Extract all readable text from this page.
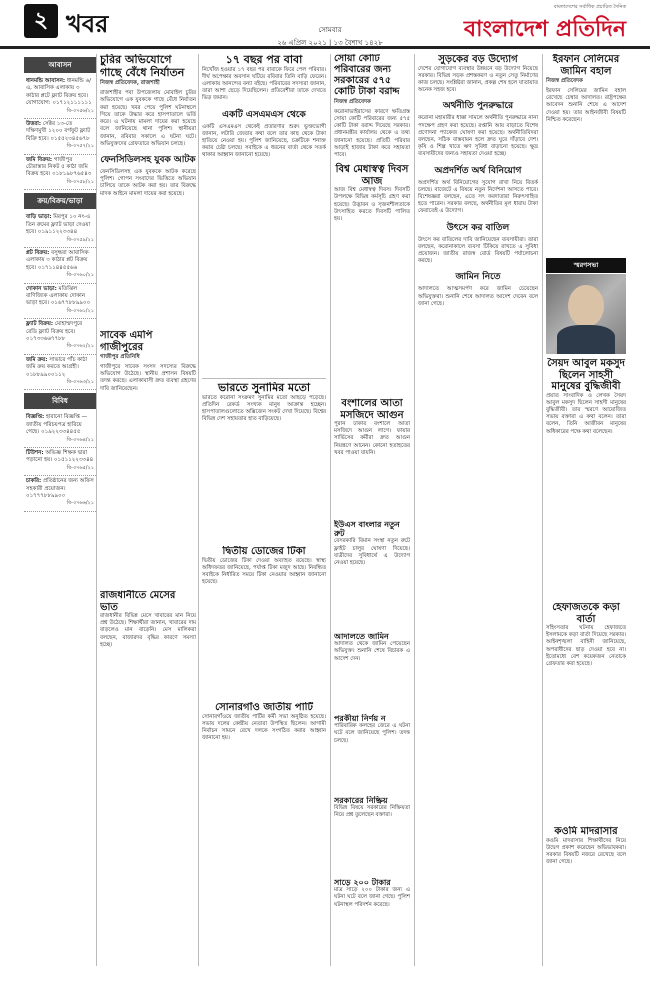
২ খবর	সোমবার
২৬ এপ্রিল ২০২১ | ১৩ বৈশাখ ১৪২৮
বাংলাদেশের সর্বাধিক প্রচারিত দৈনিক
বাংলাদেশ প্রতিদিন
আবাসন
ধানমন্ডি আবাসন: ধানমন্ডি ৬/এ, আবাসিক এলাকায় ৩ কাঠার প্লটে ফ্ল্যাট বিক্রয় হবে। যোগাযোগ: ০১৭১২১১১১১১
বি-৩৭৫৬/২১
উত্তরা: সেক্টর ১৩-তে দক্ষিণমুখী ১২০০ বর্গফুট ফ্ল্যাট বিক্রি হবে। ০১৫৫২৩৪৫৬৭৮
বি-৩৭৫৭/২১
জমি বিক্রয়: গাজীপুর চৌরাস্তার নিকট ৫ কাঠা জমি বিক্রয় হবে। ০১৮১৯৮৭৬৫৪৩
বি-৩৭৫৮/২১
ক্রয়/বিক্রয়/ভাড়া
বাড়ি ভাড়া: মিরপুর ১০ নং-এ তিন রুমের ফ্ল্যাট ভাড়া দেওয়া হবে। ০১৯১১২২৩৩৪৪
বি-৩৭৫৯/২১
প্লট বিক্রয়: বসুন্ধরা আবাসিক এলাকায় ৩ কাঠার প্লট বিক্রয় হবে। ০১৭১১৪৪৫৫৬৬
বি-৩৭৬০/২১
দোকান ভাড়া: মতিঝিল বাণিজ্যিক এলাকায় দোকান ভাড়া হবে। ০১৬৭৭৮৮৯৯০০
বি-৩৭৬১/২১
ফ্ল্যাট বিক্রয়: মোহাম্মদপুরে রেডি ফ্ল্যাট বিক্রয় হবে। ০১৭৩৩৬৬৭৭৮৮
বি-৩৭৬২/২১
জমি ক্রয়: সাভারে পাঁচ কাঠা জমি ক্রয় করতে আগ্রহী। ০১৮৮৯৯০০১১২
বি-৩৭৬৩/২১
বিবিধ
বিজ্ঞপ্তি: হারানো বিজ্ঞপ্তি — জাতীয় পরিচয়পত্র হারিয়ে গেছে। ০১৯২২৩৩৪৪৫৫
বি-৩৭৬৪/২১
টিউশন: অভিজ্ঞ শিক্ষক দ্বারা পড়ানো হয়। ০১৫১১২২৩৩৪৪
বি-৩৭৬৫/২১
চাকরি: প্রতিষ্ঠানের জন্য অফিস সহকারী প্রয়োজন। ০১৭৭৭৮৮৯৯০০
বি-৩৭৬৬/২১
চুরির অভিযোগে গাছে বেঁধে নির্যাতন
নিজস্ব প্রতিবেদক, রাজশাহী
রাজশাহীর পবা উপজেলায় মোবাইল চুরির অভিযোগে এক যুবককে গাছে বেঁধে নির্যাতন করা হয়েছে। খবর পেয়ে পুলিশ ঘটনাস্থলে গিয়ে তাকে উদ্ধার করে হাসপাতালে ভর্তি করে। এ ঘটনায় মামলা দায়ের করা হয়েছে বলে জানিয়েছে থানা পুলিশ। স্থানীয়রা জানান, রবিবার সকালে এ ঘটনা ঘটে। অভিযুক্তদের গ্রেফতারে অভিযান চলছে।
ফেনসিডিলসহ যুবক আটক
ফেনসিডিলসহ এক যুবককে আটক করেছে পুলিশ। গোপন সংবাদের ভিত্তিতে অভিযান চালিয়ে তাকে আটক করা হয়। তার বিরুদ্ধে মাদক আইনে মামলা দায়ের করা হয়েছে।
সাবেক এমপি গাজীপুরের
গাজীপুর প্রতিনিধি
গাজীপুরে সাবেক সংসদ সদস্যের বিরুদ্ধে অভিযোগ উঠেছে। স্থানীয় প্রশাসন বিষয়টি তদন্ত করছে। এলাকাবাসী দ্রুত ব্যবস্থা গ্রহণের দাবি জানিয়েছেন।
রাজধানীতে মেসের ভাত
রাজধানীর বিভিন্ন মেসে খাবারের মান নিয়ে প্রশ্ন উঠেছে। শিক্ষার্থীরা জানান, খাবারের দাম বাড়লেও মান বাড়েনি। মেস মালিকরা বলছেন, বাজারদর বৃদ্ধির কারণে সমস্যা হচ্ছে।
১৭ বছর পর বাবা
নিখোঁজ হওয়ার ১৭ বছর পর বাবাকে ফিরে পেল পরিবার। দীর্ঘ অপেক্ষার অবসান ঘটিয়ে রবিবার তিনি বাড়ি ফেরেন। এলাকায় আনন্দের বন্যা বইছে। পরিবারের সদস্যরা জানান, তারা আশা ছেড়ে দিয়েছিলেন। প্রতিবেশীরা তাকে দেখতে ভিড় জমান।
একটি এসএমএস থেকে
একটি এসএমএস থেকেই প্রতারণার শুরু। ভুক্তভোগী জানান, লটারি জেতার কথা বলে তার কাছ থেকে টাকা হাতিয়ে নেওয়া হয়। পুলিশ জানিয়েছে, চক্রটিকে শনাক্ত করার চেষ্টা চলছে। সবাইকে এ ধরনের বার্তা থেকে সতর্ক থাকার আহ্বান জানানো হয়েছে।
ভারতে সুনামির মতো
ভারতে করোনা সংক্রমণ সুনামির মতো আছড়ে পড়েছে। প্রতিদিন রেকর্ড সংখ্যক মানুষ আক্রান্ত হচ্ছেন। হাসপাতালগুলোতে অক্সিজেন সংকট দেখা দিয়েছে। বিশ্বের বিভিন্ন দেশ সহায়তার হাত বাড়িয়েছে।
দ্বিতীয় ডোজের টিকা
দ্বিতীয় ডোজের টিকা দেওয়া অব্যাহত রয়েছে। স্বাস্থ্য অধিদফতর জানিয়েছে, পর্যাপ্ত টিকা মজুদ আছে। নিবন্ধিত সবাইকে নির্ধারিত সময়ে টিকা নেওয়ার আহ্বান জানানো হয়েছে।
সোনারগাঁও জাতীয় পার্টি
সোনারগাঁওয়ে জাতীয় পার্টির কর্মী সভা অনুষ্ঠিত হয়েছে। সভায় দলের কেন্দ্রীয় নেতারা উপস্থিত ছিলেন। আগামী নির্বাচন সামনে রেখে দলকে সংগঠিত করার আহ্বান জানানো হয়।
সোয়া কোটি পরিবারের জন্য সরকারের ৫৭৫ কোটি টাকা বরাদ্দ
নিজস্ব প্রতিবেদক
করোনাভাইরাসের কারণে ক্ষতিগ্রস্ত সোয়া কোটি পরিবারের জন্য ৫৭৫ কোটি টাকা বরাদ্দ দিয়েছে সরকার। প্রধানমন্ত্রীর কার্যালয় থেকে এ তথ্য জানানো হয়েছে। প্রতিটি পরিবার আড়াই হাজার টাকা করে সহায়তা পাবে।
বিশ্ব মেধাস্বত্ব দিবস আজ
আজ বিশ্ব মেধাস্বত্ব দিবস। দিবসটি উপলক্ষে বিভিন্ন কর্মসূচি গ্রহণ করা হয়েছে। উদ্ভাবন ও সৃজনশীলতাকে উৎসাহিত করতে দিবসটি পালিত হয়।
বংশালের আতা মসজিদে আগুন
পুরান ঢাকার বংশালে আতা মসজিদে আগুন লাগে। ফায়ার সার্ভিসের কর্মীরা দ্রুত আগুন নিয়ন্ত্রণে আনেন। কোনো হতাহতের খবর পাওয়া যায়নি।
ইউএস বাংলার নতুন রুট
বেসরকারি বিমান সংস্থা নতুন রুটে ফ্লাইট চালুর ঘোষণা দিয়েছে। যাত্রীদের সুবিধার্থে এ উদ্যোগ নেওয়া হয়েছে।
আদালতে জামিন
আদালত থেকে জামিন পেয়েছেন অভিযুক্ত। শুনানি শেষে বিচারক এ আদেশ দেন।
পরকীয়া নির্ণয় ন
পারিবারিক কলহের জেরে এ ঘটনা ঘটে বলে জানিয়েছে পুলিশ। তদন্ত চলছে।
সরকারের নিষ্ক্রিয়
বিভিন্ন বিষয়ে সরকারের নিষ্ক্রিয়তা নিয়ে প্রশ্ন তুলেছেন বক্তারা।
সাড়ে ২০০ টাকার
মাত্র সাড়ে ২০০ টাকার জন্য এ ঘটনা ঘটে বলে জানা গেছে। পুলিশ ঘটনাস্থল পরিদর্শন করেছে।
সুড়কের বড় উদ্যোগ
দেশের যোগাযোগ ব্যবস্থার উন্নয়নে বড় উদ্যোগ নিয়েছে সরকার। বিভিন্ন সড়ক প্রশস্তকরণ ও নতুন সেতু নির্মাণের কাজ চলছে। সংশ্লিষ্টরা জানান, প্রকল্প শেষ হলে যাতায়াত অনেক সহজ হবে।
অর্থনীতি পুনরুদ্ধারে
করোনা মহামারীর ধাক্কা সামলে অর্থনীতি পুনরুদ্ধারে নানা পদক্ষেপ গ্রহণ করা হয়েছে। রপ্তানি আয় বাড়াতে বিশেষ প্রণোদনা প্যাকেজ ঘোষণা করা হয়েছে। অর্থনীতিবিদরা বলছেন, সঠিক বাস্তবায়ন হলে দ্রুত ঘুরে দাঁড়াবে দেশ। কৃষি ও শিল্প খাতে ঋণ সুবিধা বাড়ানো হয়েছে। ক্ষুদ্র ব্যবসায়ীদের জন্যও সহায়তা দেওয়া হচ্ছে।
অপ্রদর্শিত অর্থ বিনিয়োগ
অপ্রদর্শিত অর্থ বিনিয়োগের সুযোগ রাখা নিয়ে বিতর্ক চলছে। বাজেটে এ বিষয়ে নতুন নির্দেশনা আসতে পারে। বিশেষজ্ঞরা বলছেন, এতে সৎ করদাতারা নিরুৎসাহিত হতে পারেন। সরকার বলছে, অর্থনীতির মূল ধারায় টাকা ফেরাতেই এ উদ্যোগ।
উৎসে কর বাতিল
উৎসে কর বাতিলের দাবি জানিয়েছেন ব্যবসায়ীরা। তারা বলছেন, করোনাকালে ব্যবসা টিকিয়ে রাখতে এ সুবিধা প্রয়োজন। জাতীয় রাজস্ব বোর্ড বিষয়টি পর্যালোচনা করছে।
জামিন নিতে
আদালতে আত্মসমর্পণ করে জামিন চেয়েছেন অভিযুক্তরা। শুনানি শেষে আদালত আদেশ দেবেন বলে জানা গেছে।
ইরফান সেলিমের জামিন বহাল
নিজস্ব প্রতিবেদক
ইরফান সেলিমের জামিন বহাল রেখেছে চেম্বার আদালত। রাষ্ট্রপক্ষের আবেদন শুনানি শেষে এ আদেশ দেওয়া হয়। তার আইনজীবী বিষয়টি নিশ্চিত করেছেন।
স্মরণসভা
সৈয়দ আবুল মকসুদ ছিলেন সাহসী মানুষের বুদ্ধিজীবী
প্রয়াত সাংবাদিক ও লেখক সৈয়দ আবুল মকসুদ ছিলেন সাহসী মানুষের বুদ্ধিজীবী। তার স্মরণে আয়োজিত সভায় বক্তারা এ কথা বলেন। তারা বলেন, তিনি আজীবন মানুষের অধিকারের পক্ষে কথা বলেছেন।
হেফাজতকে কড়া বার্তা
সহিংসতার ঘটনায় হেফাজতে ইসলামকে কড়া বার্তা দিয়েছে সরকার। আইনশৃঙ্খলা বাহিনী জানিয়েছে, অপরাধীদের ছাড় দেওয়া হবে না। ইতোমধ্যে বেশ কয়েকজন নেতাকে গ্রেফতার করা হয়েছে।
কওমি মাদরাসার
কওমি মাদরাসার শিক্ষার্থীদের নিয়ে উদ্বেগ প্রকাশ করেছেন অভিভাবকরা। সরকার বিষয়টি নজরে রেখেছে বলে জানা গেছে।
